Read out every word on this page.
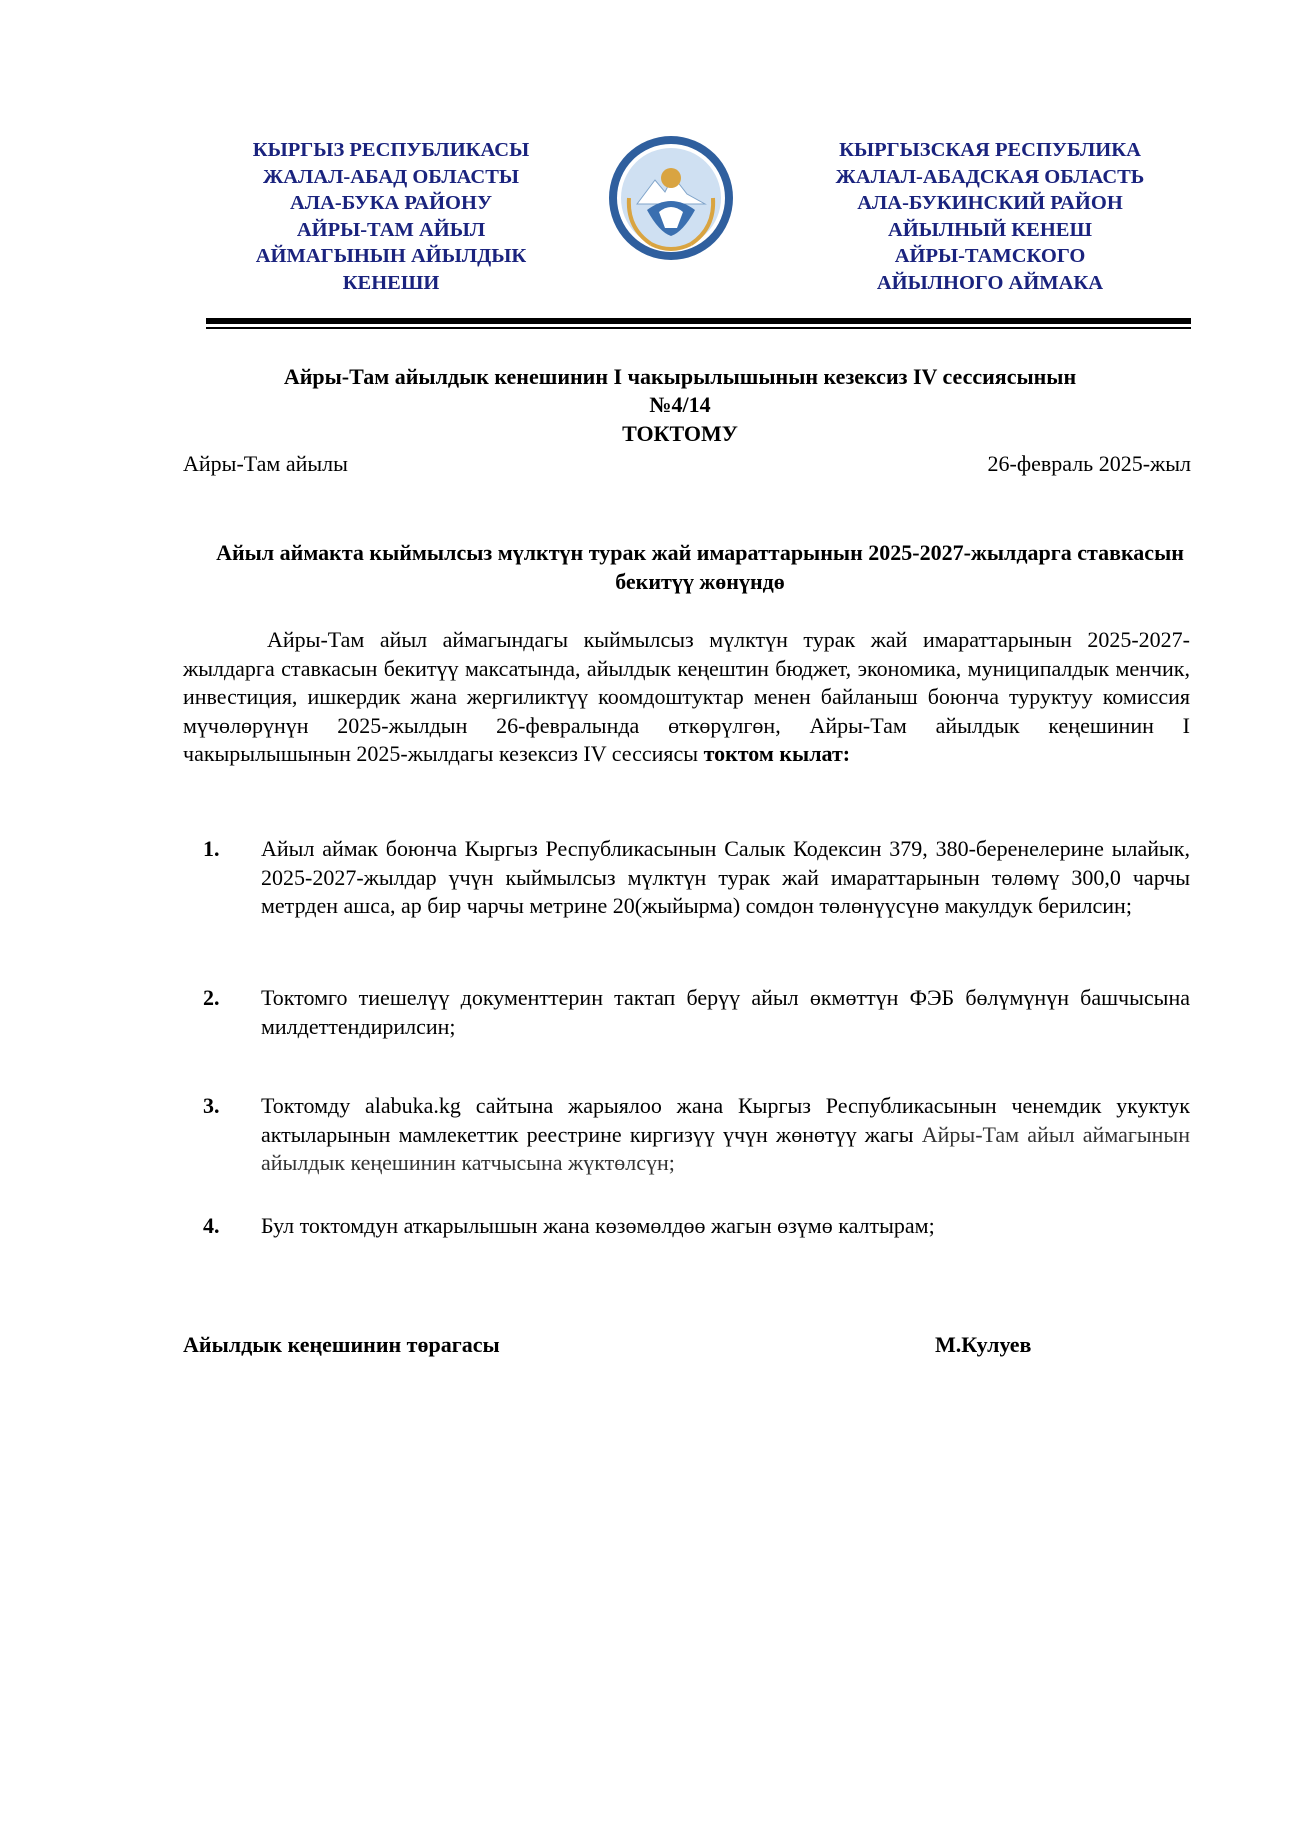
КЫРГЫЗ РЕСПУБЛИКАСЫ
ЖАЛАЛ-АБАД ОБЛАСТЫ
АЛА-БУКА РАЙОНУ
АЙРЫ-ТАМ АЙЫЛ
АЙМАГЫНЫН АЙЫЛДЫК
КЕНЕШИ
КЫРГЫЗСКАЯ РЕСПУБЛИКА
ЖАЛАЛ-АБАДСКАЯ ОБЛАСТЬ
АЛА-БУКИНСКИЙ РАЙОН
АЙЫЛНЫЙ КЕНЕШ
АЙРЫ-ТАМСКОГО
АЙЫЛНОГО АЙМАКА
Айры-Там айылдык кенешинин I чакырылышынын кезексиз IV сессиясынын
№4/14
ТОКТОМУ
Айры-Там айылы	26-февраль 2025-жыл
Айыл аймакта кыймылсыз мүлктүн турак жай имараттарынын 2025-2027-жылдарга ставкасын бекитүү жөнүндө
Айры-Там айыл аймагындагы кыймылсыз мүлктүн турак жай имараттарынын 2025-2027-жылдарга ставкасын бекитүү максатында, айылдык кеңештин бюджет, экономика, муниципалдык менчик, инвестиция, ишкердик жана жергиликтүү коомдоштуктар менен байланыш боюнча туруктуу комиссия мүчөлөрүнүн 2025-жылдын 26-февралында өткөрүлгөн, Айры-Там айылдык кеңешинин I чакырылышынын 2025-жылдагы кезексиз IV сессиясы токтом кылат:
1.	Айыл аймак боюнча Кыргыз Республикасынын Салык Кодексин 379, 380-беренелерине ылайык, 2025-2027-жылдар үчүн кыймылсыз мүлктүн турак жай имараттарынын төлөмү 300,0 чарчы метрден ашса, ар бир чарчы метрине 20(жыйырма) сомдон төлөнүүсүнө макулдук берилсин;
2.	Токтомго тиешелүү документтерин тактап берүү айыл өкмөттүн ФЭБ бөлүмүнүн башчысына милдеттендирилсин;
3.	Токтомду alabuka.kg сайтына жарыялоо жана Кыргыз Республикасынын ченемдик укуктук актыларынын мамлекеттик реестрине киргизүү үчүн жөнөтүү жагы Айры-Там айыл аймагынын айылдык кеңешинин катчысына жүктөлсүн;
4.	Бул токтомдун аткарылышын жана көзөмөлдөө жагын өзүмө калтырам;
Айылдык кеңешинин төрагасы	М.Кулуев
